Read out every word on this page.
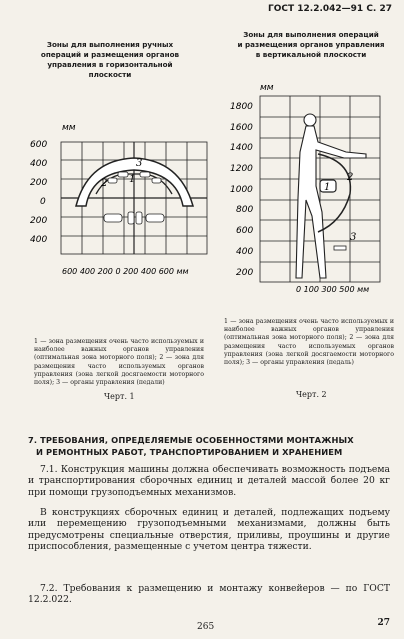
ГОСТ 12.2.042—91 С. 27
Зоны для выполнения ручных
операций и размещения органов
управления в горизонтальной
плоскости
мм
600
400
200
0
200
400
2
3
1
600 400 200 0 200 400 600 мм
Зоны для выполнения операций
и размещения органов управления
в вертикальной плоскости
мм
1800
1600
1400
1200
1000
800
600
400
200
1
2
3
0 100 300 500 мм
1 — зона размещения очень часто используемых и наиболее важных органов управления (оптимальная зона моторного поля); 2 — зона для размещения часто используемых органов управления (зона легкой досягаемости моторного поля); 3 — органы управления (педали)
1 — зона размещения очень часто используемых и наиболее важных органов управления (оптимальная зона моторного поля); 2 — зона для размещения часто используемых органов управления (зона легкой досягаемости моторного поля); 3 — органы управления (педаль)
Черт. 1	Черт. 2
7. ТРЕБОВАНИЯ, ОПРЕДЕЛЯЕМЫЕ ОСОБЕННОСТЯМИ МОНТАЖНЫХ
И РЕМОНТНЫХ РАБОТ, ТРАНСПОРТИРОВАНИЕМ И ХРАНЕНИЕМ
7.1. Конструкция машины должна обеспечивать возможность подъема и транспортирования сборочных единиц и деталей массой более 20 кг при помощи грузоподъемных механизмов.
В конструкциях сборочных единиц и деталей, подлежащих подъему или перемещению грузоподъемными механизмами, должны быть предусмотрены специальные отверстия, приливы, проушины и другие приспособления, размещенные с учетом центра тяжести.
7.2. Требования к размещению и монтажу конвейеров — по ГОСТ 12.2.022.
265	27
